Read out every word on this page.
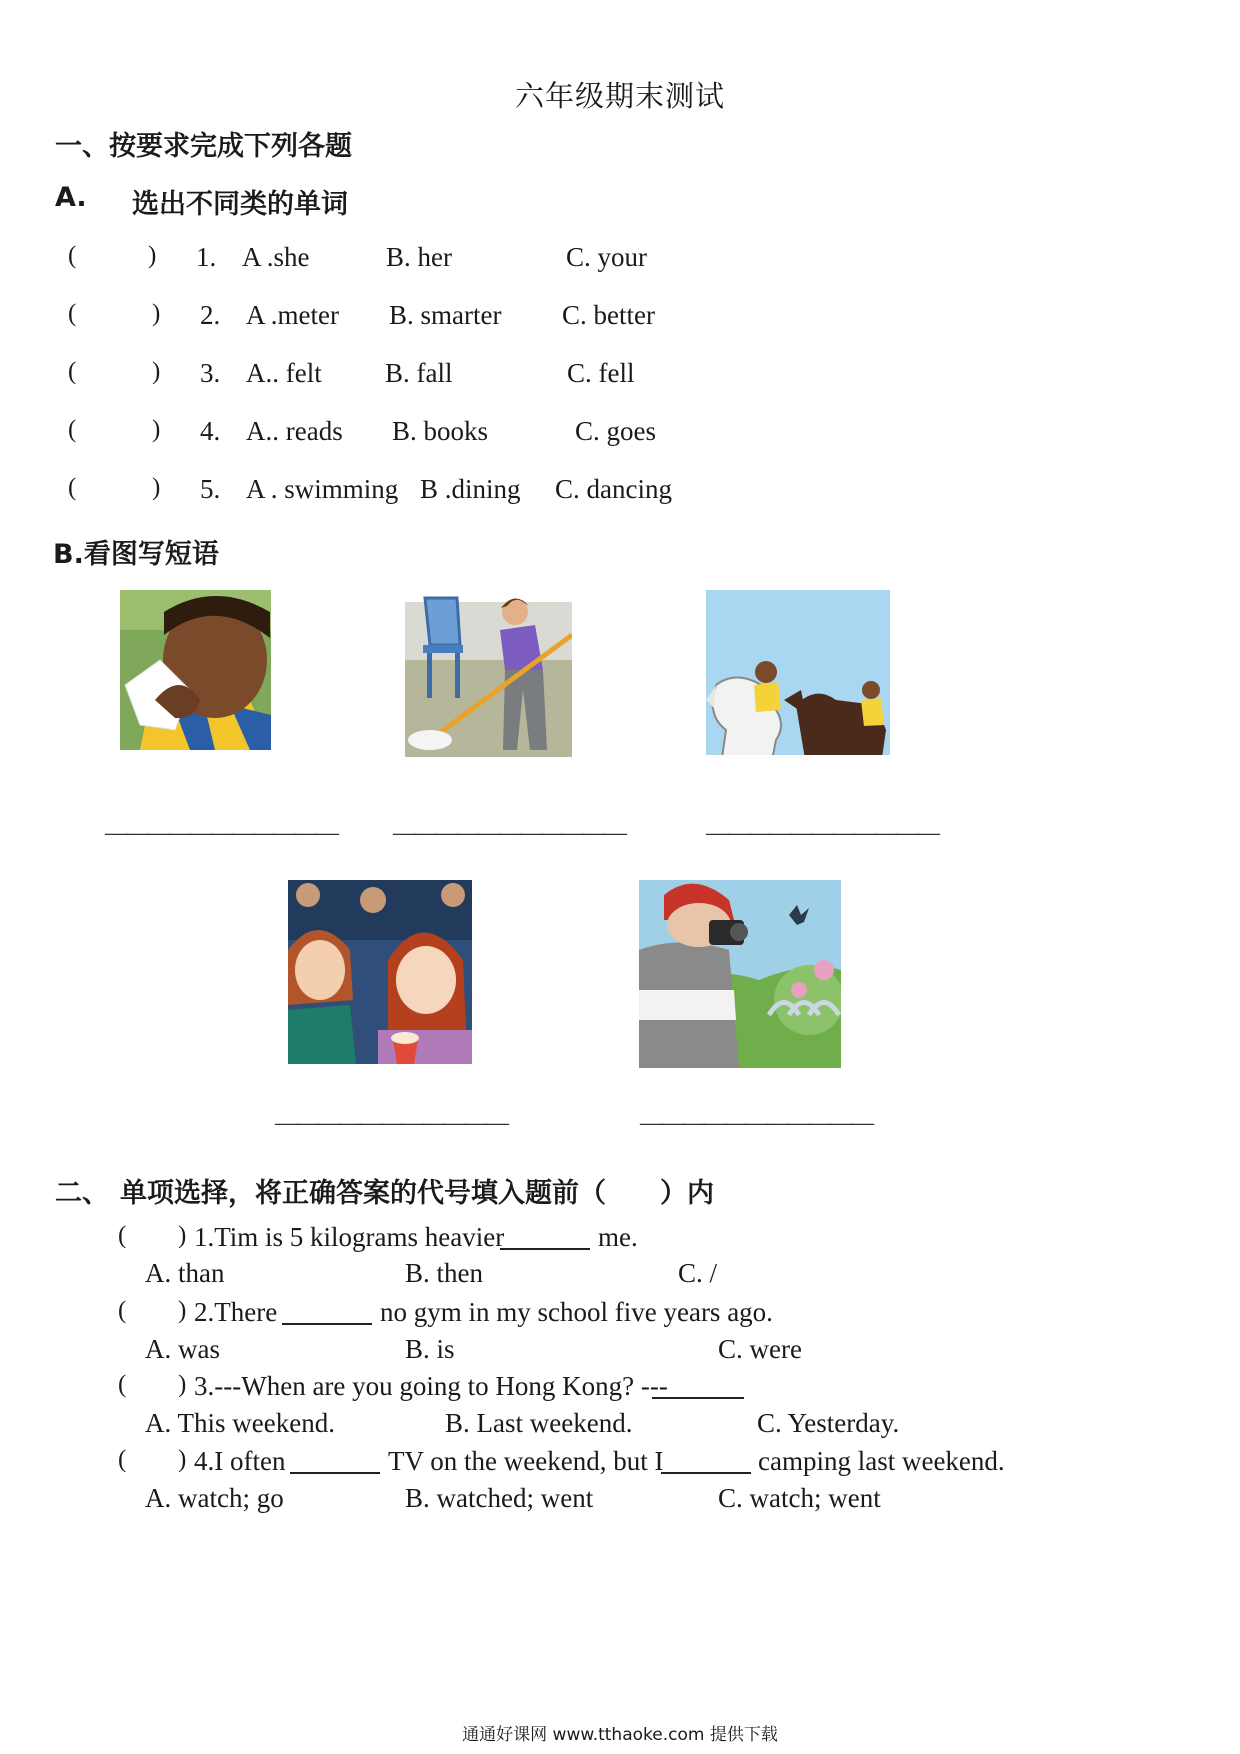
六年级期末测试
一、按要求完成下列各题
A. 选出不同类的单词
(	) 1. A .she	B. her	C. your
(	) 2. A .meter B. smarter C. better
(	) 3. A.. felt B. fall	C. fell
(	) 4. A.. reads B. books	C. goes
(	) 5. A . swimming B .dining C. dancing
B.看图写短语
——————————— ———————————	———————————
———————————	———————————
二、 单项选择，将正确答案的代号填入题前（　　）内
( ) 1.Tim is 5 kilograms heavier	me.
A. than	B. then	C. /
( ) 2.There	no gym in my school five years ago.
A. was	B. is	C. were
( ) 3.---When are you going to Hong Kong? ---
A. This weekend.	B. Last weekend.	C. Yesterday.
( ) 4.I often	TV on the weekend, but I	camping last weekend.
A. watch; go	B. watched; went	C. watch; went
通通好课网 www.tthaoke.com 提供下载
